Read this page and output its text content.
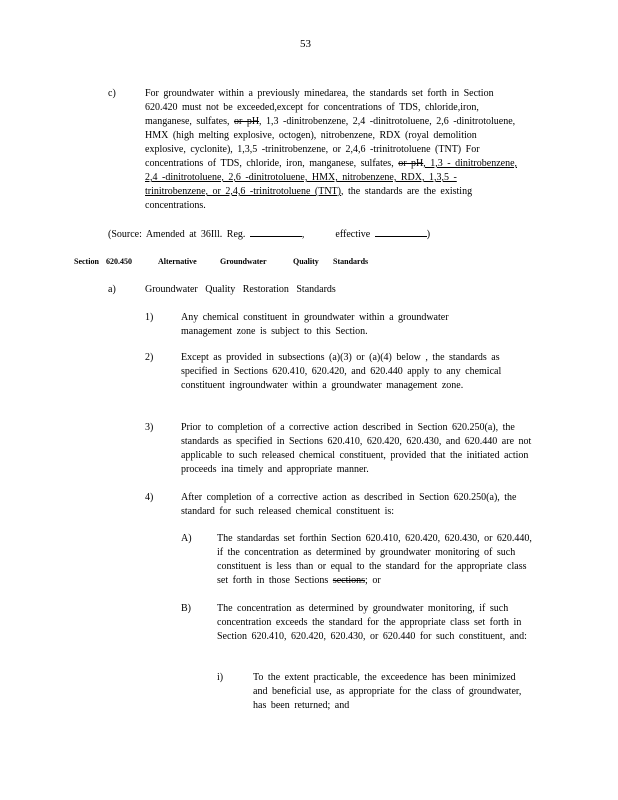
53
c)	For groundwater within a previously minedarea, the standards set forth in Section 620.420 must not be exceeded,except for concentrations of TDS, chloride,iron, manganese, sulfates, or pH, 1,3 -dinitrobenzene, 2,4 -dinitrotoluene, 2,6 -dinitrotoluene, HMX (high melting explosive, octogen), nitrobenzene, RDX (royal demolition explosive, cyclonite), 1,3,5 -trinitrobenzene, or 2,4,6 -trinitrotoluene (TNT) For concentrations of TDS, chloride, iron, manganese, sulfates, or pH, 1,3 - dinitrobenzene, 2,4 -dinitrotoluene, 2,6 -dinitrotoluene, HMX, nitrobenzene, RDX, 1,3,5 -trinitrobenzene, or 2,4,6 -trinitrotoluene (TNT), the standards are the existing concentrations.
(Source: Amended at 36Ill. Reg.	,	effective	)
Section 620.450	Alternative	Groundwater	Quality Standards
a)	Groundwater Quality Restoration Standards
1)	Any chemical constituent in groundwater within a groundwater management zone is subject to this Section.
2)	Except as provided in subsections (a)(3) or (a)(4) below , the standards as specified in Sections 620.410, 620.420, and 620.440 apply to any chemical constituent ingroundwater within a groundwater management zone.
3)	Prior to completion of a corrective action described in Section 620.250(a), the standards as specified in Sections 620.410, 620.420, 620.430, and 620.440 are not applicable to such released chemical constituent, provided that the initiated action proceeds ina timely and appropriate manner.
4)	After completion of a corrective action as described in Section 620.250(a), the standard for such released chemical constituent is:
A)	The standardas set forthin Section 620.410, 620.420, 620.430, or 620.440, if the concentration as determined by groundwater monitoring of such constituent is less than or equal to the standard for the appropriate class set forth in those Sections sections; or
B)	The concentration as determined by groundwater monitoring, if such concentration exceeds the standard for the appropriate class set forth in Section 620.410, 620.420, 620.430, or 620.440 for such constituent, and:
i)	To the extent practicable, the exceedence has been minimized and beneficial use, as appropriate for the class of groundwater, has been returned; and
